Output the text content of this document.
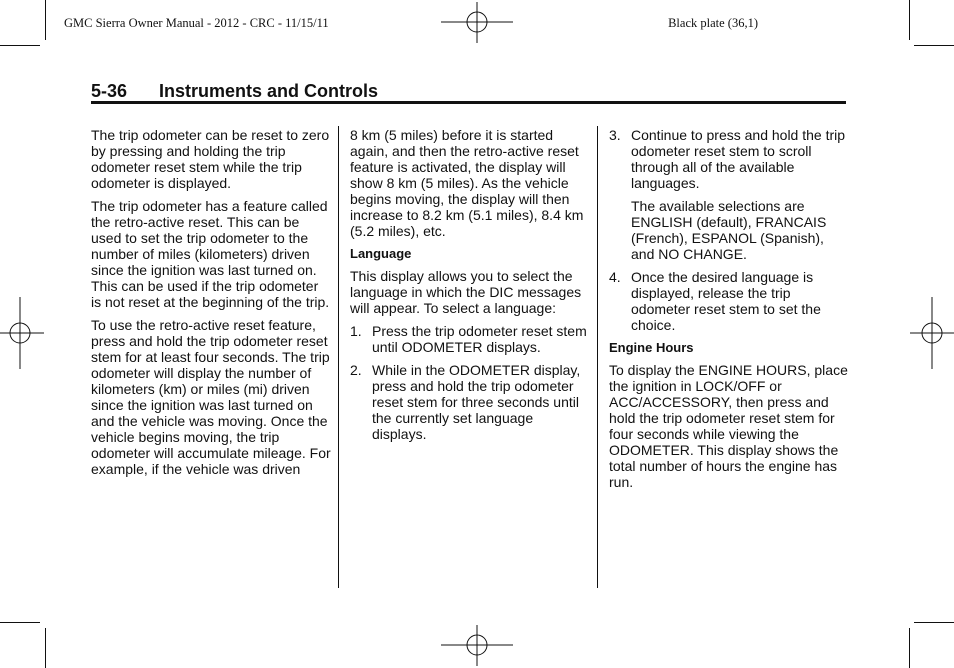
GMC Sierra Owner Manual - 2012 - CRC - 11/15/11	Black plate (36,1)
5-36 Instruments and Controls

The trip odometer can be reset to zero by pressing and holding the trip odometer reset stem while the trip odometer is displayed.

The trip odometer has a feature called the retro-active reset. This can be used to set the trip odometer to the number of miles (kilometers) driven since the ignition was last turned on. This can be used if the trip odometer is not reset at the beginning of the trip.

To use the retro-active reset feature, press and hold the trip odometer reset stem for at least four seconds. The trip odometer will display the number of kilometers (km) or miles (mi) driven since the ignition was last turned on and the vehicle was moving. Once the vehicle begins moving, the trip odometer will accumulate mileage. For example, if the vehicle was driven

8 km (5 miles) before it is started again, and then the retro-active reset feature is activated, the display will show 8 km (5 miles). As the vehicle begins moving, the display will then increase to 8.2 km (5.1 miles), 8.4 km (5.2 miles), etc.

Language

This display allows you to select the language in which the DIC messages will appear. To select a language:

1. Press the trip odometer reset stem until ODOMETER displays.
2. While in the ODOMETER display, press and hold the trip odometer reset stem for three seconds until the currently set language displays.
3. Continue to press and hold the trip odometer reset stem to scroll through all of the available languages.

The available selections are ENGLISH (default), FRANCAIS (French), ESPANOL (Spanish), and NO CHANGE.

4. Once the desired language is displayed, release the trip odometer reset stem to set the choice.
Engine Hours

To display the ENGINE HOURS, place the ignition in LOCK/OFF or ACC/ACCESSORY, then press and hold the trip odometer reset stem for four seconds while viewing the ODOMETER. This display shows the total number of hours the engine has run.
